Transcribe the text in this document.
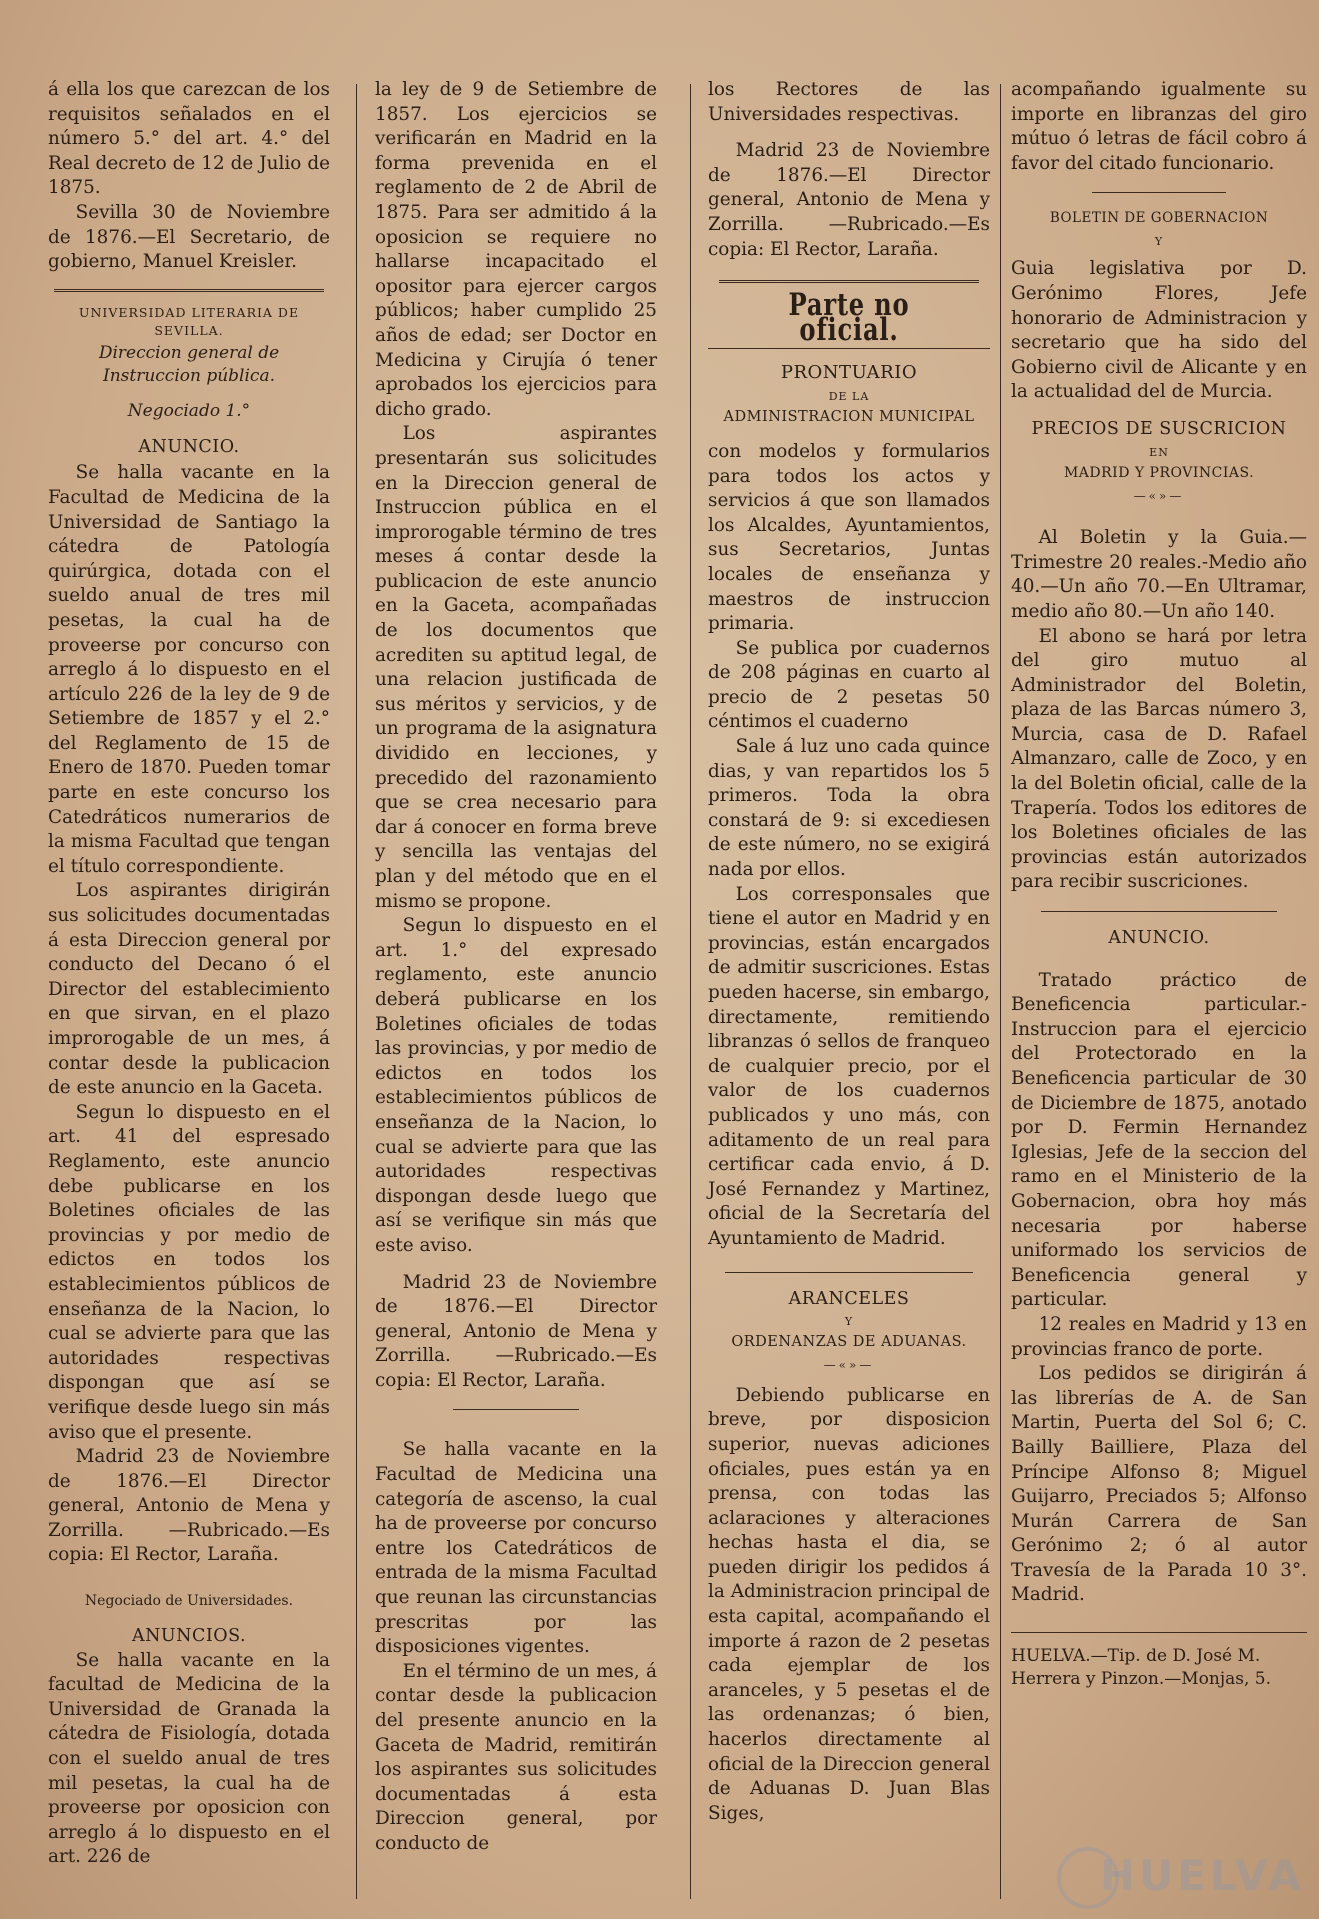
á ella los que carezcan de los requisitos señalados en el número 5.° del art. 4.° del Real decreto de 12 de Julio de 1875.

Sevilla 30 de Noviembre de 1876.—El Secretario, de gobierno, Manuel Kreisler.

UNIVERSIDAD LITERARIA DE SEVILLA.
Direccion general de Instruccion pública.
Negociado 1.°
ANUNCIO.

Se halla vacante en la Facultad de Medicina de la Universidad de Santiago la cátedra de Patología quirúrgica, dotada con el sueldo anual de tres mil pesetas, la cual ha de proveerse por concurso con arreglo á lo dispuesto en el artículo 226 de la ley de 9 de Setiembre de 1857 y el 2.° del Reglamento de 15 de Enero de 1870. Pueden tomar parte en este concurso los Catedráticos numerarios de la misma Facultad que tengan el título correspondiente.

Los aspirantes dirigirán sus solicitudes documentadas á esta Direccion general por conducto del Decano ó el Director del establecimiento en que sirvan, en el plazo improrogable de un mes, á contar desde la publicacion de este anuncio en la Gaceta.

Segun lo dispuesto en el art. 41 del espresado Reglamento, este anuncio debe publicarse en los Boletines oficiales de las provincias y por medio de edictos en todos los establecimientos públicos de enseñanza de la Nacion, lo cual se advierte para que las autoridades respectivas dispongan que así se verifique desde luego sin más aviso que el presente.

Madrid 23 de Noviembre de 1876.—El Director general, Antonio de Mena y Zorrilla. —Rubricado.—Es copia: El Rector, Laraña.

Negociado de Universidades.
ANUNCIOS.

Se halla vacante en la facultad de Medicina de la Universidad de Granada la cátedra de Fisiología, dotada con el sueldo anual de tres mil pesetas, la cual ha de proveerse por oposicion con arreglo á lo dispuesto en el art. 226 de

la ley de 9 de Setiembre de 1857. Los ejercicios se verificarán en Madrid en la forma prevenida en el reglamento de 2 de Abril de 1875. Para ser admitido á la oposicion se requiere no hallarse incapacitado el opositor para ejercer cargos públicos; haber cumplido 25 años de edad; ser Doctor en Medicina y Cirujía ó tener aprobados los ejercicios para dicho grado.

Los aspirantes presentarán sus solicitudes en la Direccion general de Instruccion pública en el improrogable término de tres meses á contar desde la publicacion de este anuncio en la Gaceta, acompañadas de los documentos que acrediten su aptitud legal, de una relacion justificada de sus méritos y servicios, y de un programa de la asignatura dividido en lecciones, y precedido del razonamiento que se crea necesario para dar á conocer en forma breve y sencilla las ventajas del plan y del método que en el mismo se propone.

Segun lo dispuesto en el art. 1.° del expresado reglamento, este anuncio deberá publicarse en los Boletines oficiales de todas las provincias, y por medio de edictos en todos los establecimientos públicos de enseñanza de la Nacion, lo cual se advierte para que las autoridades respectivas dispongan desde luego que así se verifique sin más que este aviso.

Madrid 23 de Noviembre de 1876.—El Director general, Antonio de Mena y Zorrilla. —Rubricado.—Es copia: El Rector, Laraña.

Se halla vacante en la Facultad de Medicina una categoría de ascenso, la cual ha de proveerse por concurso entre los Catedráticos de entrada de la misma Facultad que reunan las circunstancias prescritas por las disposiciones vigentes.

En el término de un mes, á contar desde la publicacion del presente anuncio en la Gaceta de Madrid, remitirán los aspirantes sus solicitudes documentadas á esta Direccion general, por conducto de

los Rectores de las Universidades respectivas.

Madrid 23 de Noviembre de 1876.—El Director general, Antonio de Mena y Zorrilla. —Rubricado.—Es copia: El Rector, Laraña.

Parte no oficial.
PRONTUARIO
DE LA
ADMINISTRACION MUNICIPAL

con modelos y formularios para todos los actos y servicios á que son llamados los Alcaldes, Ayuntamientos, sus Secretarios, Juntas locales de enseñanza y maestros de instruccion primaria.

Se publica por cuadernos de 208 páginas en cuarto al precio de 2 pesetas 50 céntimos el cuaderno

Sale á luz uno cada quince dias, y van repartidos los 5 primeros. Toda la obra constará de 9: si excediesen de este número, no se exigirá nada por ellos.

Los corresponsales que tiene el autor en Madrid y en provincias, están encargados de admitir suscriciones. Estas pueden hacerse, sin embargo, directamente, remitiendo libranzas ó sellos de franqueo de cualquier precio, por el valor de los cuadernos publicados y uno más, con aditamento de un real para certificar cada envio, á D. José Fernandez y Martinez, oficial de la Secretaría del Ayuntamiento de Madrid.

ARANCELES
Y
ORDENANZAS DE ADUANAS.
—«»—

Debiendo publicarse en breve, por disposicion superior, nuevas adiciones oficiales, pues están ya en prensa, con todas las aclaraciones y alteraciones hechas hasta el dia, se pueden dirigir los pedidos á la Administracion principal de esta capital, acompañando el importe á razon de 2 pesetas cada ejemplar de los aranceles, y 5 pesetas el de las ordenanzas; ó bien, hacerlos directamente al oficial de la Direccion general de Aduanas D. Juan Blas Siges,

acompañando igualmente su importe en libranzas del giro mútuo ó letras de fácil cobro á favor del citado funcionario.

BOLETIN DE GOBERNACION
Y

Guia legislativa por D. Gerónimo Flores, Jefe honorario de Administracion y secretario que ha sido del Gobierno civil de Alicante y en la actualidad del de Murcia.

PRECIOS DE SUSCRICION
EN
MADRID Y PROVINCIAS.
—«»—

Al Boletin y la Guia.—Trimestre 20 reales.-Medio año 40.—Un año 70.—En Ultramar, medio año 80.—Un año 140.

El abono se hará por letra del giro mutuo al Administrador del Boletin, plaza de las Barcas número 3, Murcia, casa de D. Rafael Almanzaro, calle de Zoco, y en la del Boletin oficial, calle de la Trapería. Todos los editores de los Boletines oficiales de las provincias están autorizados para recibir suscriciones.

ANUNCIO.

Tratado práctico de Beneficencia particular.-Instruccion para el ejercicio del Protectorado en la Beneficencia particular de 30 de Diciembre de 1875, anotado por D. Fermin Hernandez Iglesias, Jefe de la seccion del ramo en el Ministerio de la Gobernacion, obra hoy más necesaria por haberse uniformado los servicios de Beneficencia general y particular.

12 reales en Madrid y 13 en provincias franco de porte.

Los pedidos se dirigirán á las librerías de A. de San Martin, Puerta del Sol 6; C. Bailly Bailliere, Plaza del Príncipe Alfonso 8; Miguel Guijarro, Preciados 5; Alfonso Murán Carrera de San Gerónimo 2; ó al autor Travesía de la Parada 10 3°. Madrid.

HUELVA.—Tip. de D. José M. Herrera y Pinzon.—Monjas, 5.
HUELVA
